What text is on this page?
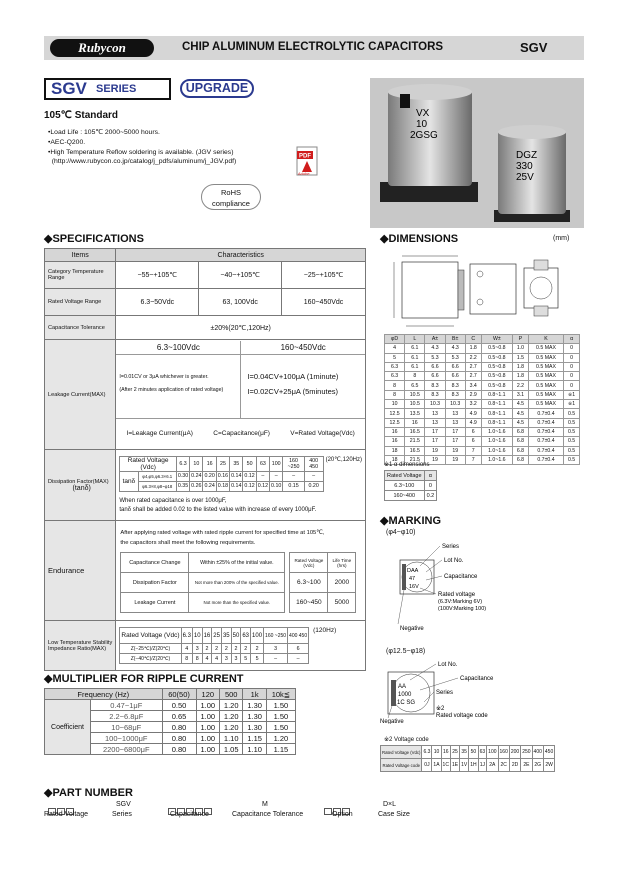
Rubycon	CHIP ALUMINUM ELECTROLYTIC CAPACITORS	SGV
SGV SERIES	UPGRADE
105℃ Standard
•Load Life : 105℃ 2000~5000 hours.
•AEC-Q200.
•High Temperature Reflow soldering is available. (JGV series)
(http://www.rubycon.co.jp/catalog/j_pdfs/aluminum/j_JGV.pdf)
PDF
Adobe
RoHS
compliance
VX
10
2GSG
DGZ
330
25V
◆SPECIFICATIONS
Items	Characteristics
Category Temperature Range	−55~+105℃	−40~+105℃	−25~+105℃
Rated Voltage Range	6.3~50Vdc	63, 100Vdc	160~450Vdc
Capacitance Tolerance	±20%(20℃,120Hz)
Leakage Current(MAX)	
6.3~100Vdc	160~450Vdc
I=0.01CV or 3μA whichever is greater.
(After 2 minutes application of rated voltage)
I=0.04CV+100μA (1minute)
I=0.02CV+25μA (5minutes)
I=Leakage Current(μA)	C=Capacitance(μF)	V=Rated Voltage(Vdc)

Dissipation Factor(MAX)
(tanδ)

Rated Voltage (Vdc)	6.3	10	16	25	35	50	63	100	160 ~250	400 450
tanδ	φ4,φ5,φ6.3×6.1	0.30	0.24	0.20	0.16	0.14	0.12	–	–	–	–
φ6.3×8,φ8~φ18	0.35	0.26	0.24	0.18	0.14	0.12	0.12	0.10	0.15	0.20
(20℃,120Hz)
When rated capacitance is over 1000μF,
tanδ shall be added 0.02 to the listed value with increase of every 1000μF.

Endurance	
After applying rated voltage with rated ripple current for specified time at 105℃,
the capacitors shall meet the following requirements.
Capacitance Change	Within ±25% of the initial value.
Dissipation Factor	Not more than 200% of the specified value.
Leakage Current	Not more than the specified value.
Rated Voltage (Vdc)	Life Time (hrs)
6.3~100	2000
160~450	5000

Low Temperature Stability Impedance Ratio(MAX)	
Rated Voltage (Vdc)	6.3	10	16	25	35	50	63	100	160 ~250	400 450
Z(−25℃)/Z(20℃)	4	3	2	2	2	2	2	2	3	6
Z(−40℃)/Z(20℃)	8	8	4	4	3	3	5	5	–	–
(120Hz)
◆DIMENSIONS	(mm)
φD	L	A±	B±	C	W±	P	K	α
4	6.1	4.3	4.3	1.8	0.5~0.8	1.0	0.5 MAX	0
5	6.1	5.3	5.3	2.2	0.5~0.8	1.5	0.5 MAX	0
6.3	6.1	6.6	6.6	2.7	0.5~0.8	1.8	0.5 MAX	0
6.3	8	6.6	6.6	2.7	0.5~0.8	1.8	0.5 MAX	0
8	6.5	8.3	8.3	3.4	0.5~0.8	2.2	0.5 MAX	0
8	10.5	8.3	8.3	2.9	0.8~1.1	3.1	0.5 MAX	※1
10	10.5	10.3	10.3	3.2	0.8~1.1	4.5	0.5 MAX	※1
12.5	13.5	13	13	4.9	0.8~1.1	4.5	0.7±0.4	0.5
12.5	16	13	13	4.9	0.8~1.1	4.5	0.7±0.4	0.5
16	16.5	17	17	6	1.0~1.6	6.8	0.7±0.4	0.5
16	21.5	17	17	6	1.0~1.6	6.8	0.7±0.4	0.5
18	16.5	19	19	7	1.0~1.6	6.8	0.7±0.4	0.5
18	21.5	19	19	7	1.0~1.6	6.8	0.7±0.4	0.5
※1 α dimensions
Rated Voltage	α
6.3~100	0
160~400	0.2
◆MARKING
(φ4~φ10)
DAA
47
16V
Series
Lot No.
Capacitance
Rated voltage
(6.3V:Marking 6V)
(100V:Marking 100)
Negative
(φ12.5~φ18)
AA
1000
1C SG
Lot No.
Capacitance
Series
※2
Rated voltage code
Negative
※2 Voltage code
Rated Voltage (Vdc)	6.3	10	16	25	35	50	63	100	160	200	250	400	450
Rated Voltage code	0J	1A	1C	1E	1V	1H	1J	2A	2C	2D	2E	2G	2W
◆MULTIPLIER FOR RIPPLE CURRENT
Frequency (Hz)		60(50)	120	500	1k	10k≦
Coefficient	0.47~1μF	0.50	1.00	1.20	1.30	1.50
	2.2~6.8μF	0.65	1.00	1.20	1.30	1.50
	10~68μF	0.80	1.00	1.20	1.30	1.50
	100~1000μF	0.80	1.00	1.10	1.15	1.20
	2200~6800μF	0.80	1.00	1.05	1.10	1.15
◆PART NUMBER
SGV	M	D×L
Rated Voltage	Series	Capacitance	Capacitance Tolerance	Option	Case Size
